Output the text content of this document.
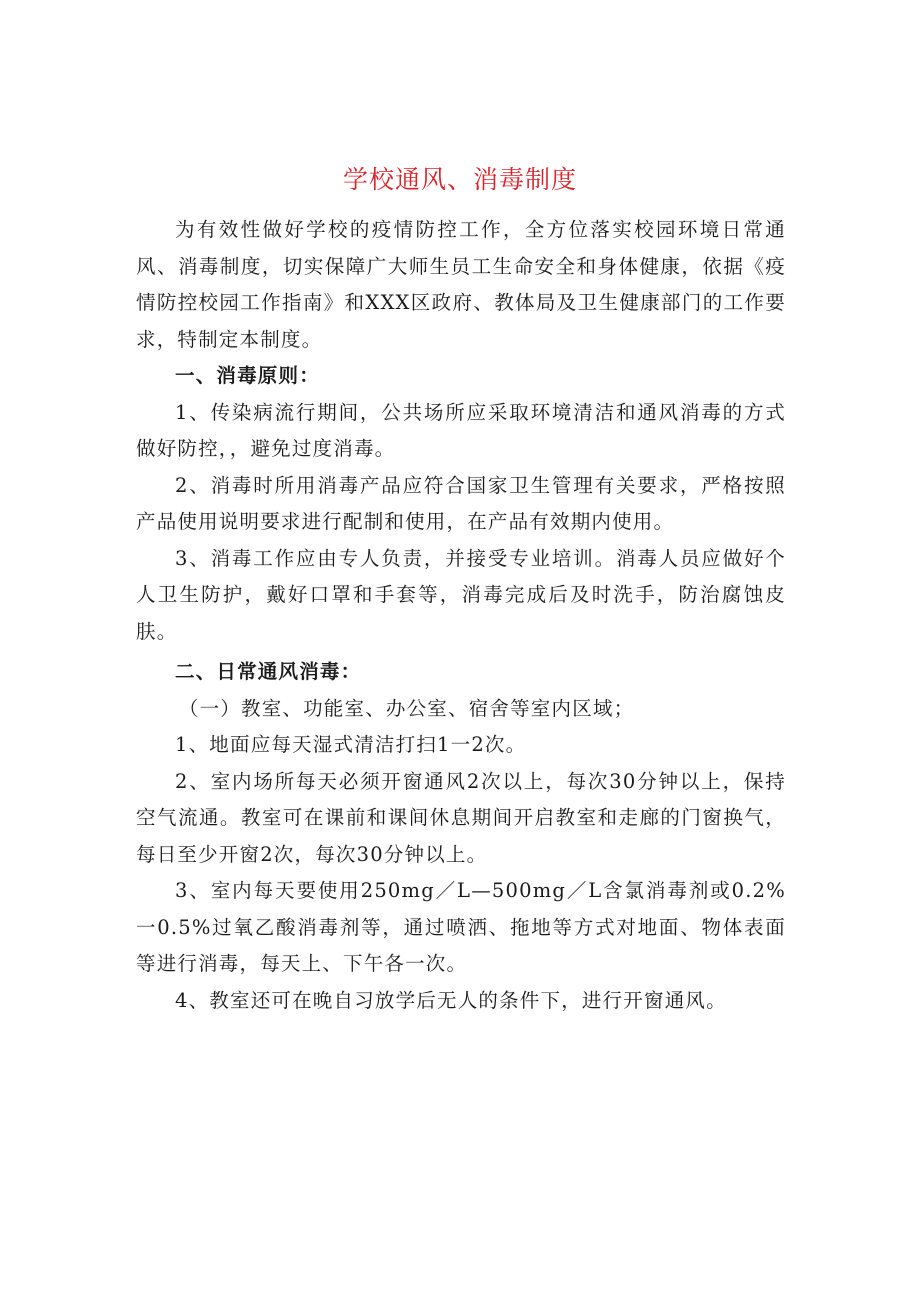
学校通风、消毒制度

为有效性做好学校的疫情防控工作，全方位落实校园环境日常通风、消毒制度，切实保障广大师生员工生命安全和身体健康，依据《疫情防控校园工作指南》和XXX区政府、教体局及卫生健康部门的工作要求，特制定本制度。

一、消毒原则：

1、传染病流行期间，公共场所应采取环境清洁和通风消毒的方式做好防控，，避免过度消毒。

2、消毒时所用消毒产品应符合国家卫生管理有关要求，严格按照产品使用说明要求进行配制和使用，在产品有效期内使用。

3、消毒工作应由专人负责，并接受专业培训。消毒人员应做好个人卫生防护，戴好口罩和手套等，消毒完成后及时洗手，防治腐蚀皮肤。

二、日常通风消毒：

（一）教室、功能室、办公室、宿舍等室内区域；

1、地面应每天湿式清洁打扫1一2次。

2、室内场所每天必须开窗通风2次以上，每次30分钟以上，保持空气流通。教室可在课前和课间休息期间开启教室和走廊的门窗换气，每日至少开窗2次，每次30分钟以上。

3、室内每天要使用250mg／L—500mg／L含氯消毒剂或0.2%一0.5%过氧乙酸消毒剂等，通过喷洒、拖地等方式对地面、物体表面等进行消毒，每天上、下午各一次。

4、教室还可在晚自习放学后无人的条件下，进行开窗通风。
